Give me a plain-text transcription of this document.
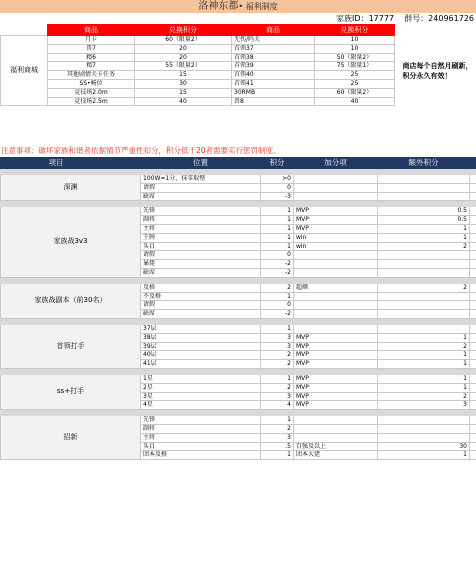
洛神东都• 福利制度
家族ID：17777 群号：240961726
	商品	兑换积分	商品	兑换积分		
福利商城	月卡	60（限量2）	无伤/吗关	10		商店每个自然月刷新，积分永久有效！
	兽7	20	首领37	10		
	精6	20	首领38	50（限量2）		
	精7	55（限量2）	首领39	75（限量1）		
	其他剧情关卡任务	15	首领40	25		
	SS•畅位	30	首领41	25		
	竞技场2.0m	15	30RMB	60（限量2）		
	竞技场2.5m	40	兽8	40		
注意事项：破坏家族和谐者依据情节严重性扣分，积分低于20者需要实行惩罚制度。
项目		位置	积分	加分项	额外积分	

深渊		100W=1分，抹零取整	>0			
		请假	0			
		缺席	-3			

家族战3v3		先锋	1	MVP	0.5	
		副将	1	MVP	0.5	
		主将	1	MVP	1	
		王牌	1	win	1	
		头目	1	win	2	
		请假	0			
		暴毙	-2			
		缺席	-2			

家族战副本（前30名）		及格	2	超额	2	
		不及格	1			
		请假	0			
		缺席	-2			

首领打手		37层	1			
		38层	3	MVP	1	
		39层	3	MVP	2	
		40层	2	MVP	1	
		41层	2	MVP	1	

ss+打手		1星	1	MVP	1	
		2星	2	MVP	1	
		3星	3	MVP	2	
		4星	4	MVP	3	

招新		先锋	1			
		副将	2			
		主将	3			
		头目	.5	百强及以上	30	
		团本及格	1	团本大佬	1	
